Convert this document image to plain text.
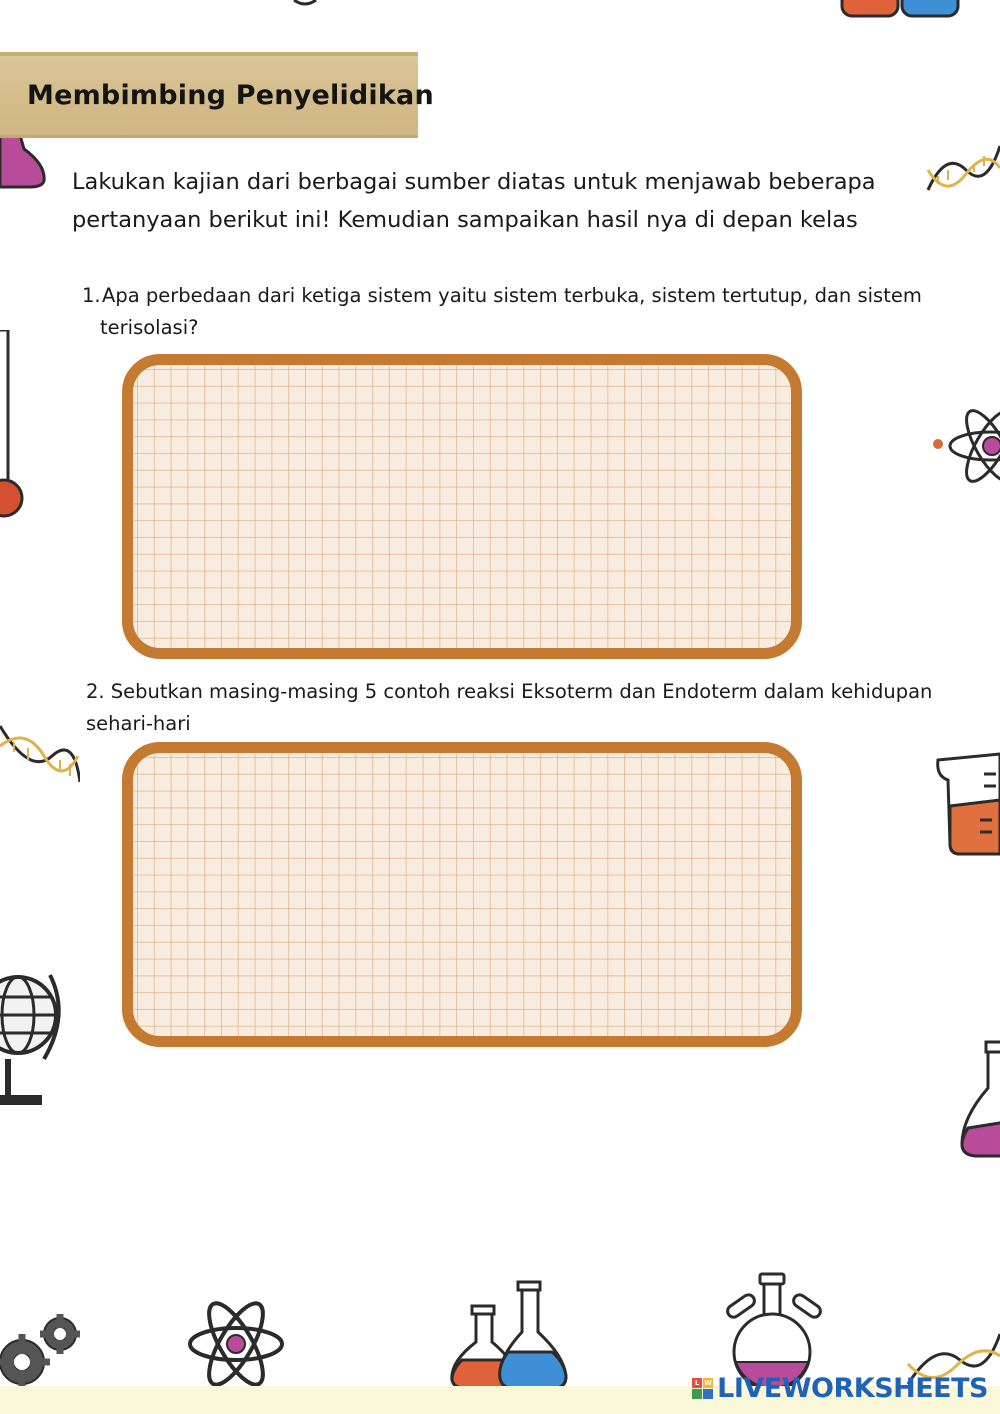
Membimbing Penyelidikan
Lakukan kajian dari berbagai sumber diatas untuk menjawab beberapa
pertanyaan berikut ini! Kemudian sampaikan hasil nya di depan kelas
1.Apa perbedaan dari ketiga sistem yaitu sistem terbuka, sistem tertutup, dan sistem
terisolasi?
2. Sebutkan masing-masing 5 contoh reaksi Eksoterm dan Endoterm dalam kehidupan
sehari-hari
L W LIVEWORKSHEETS
